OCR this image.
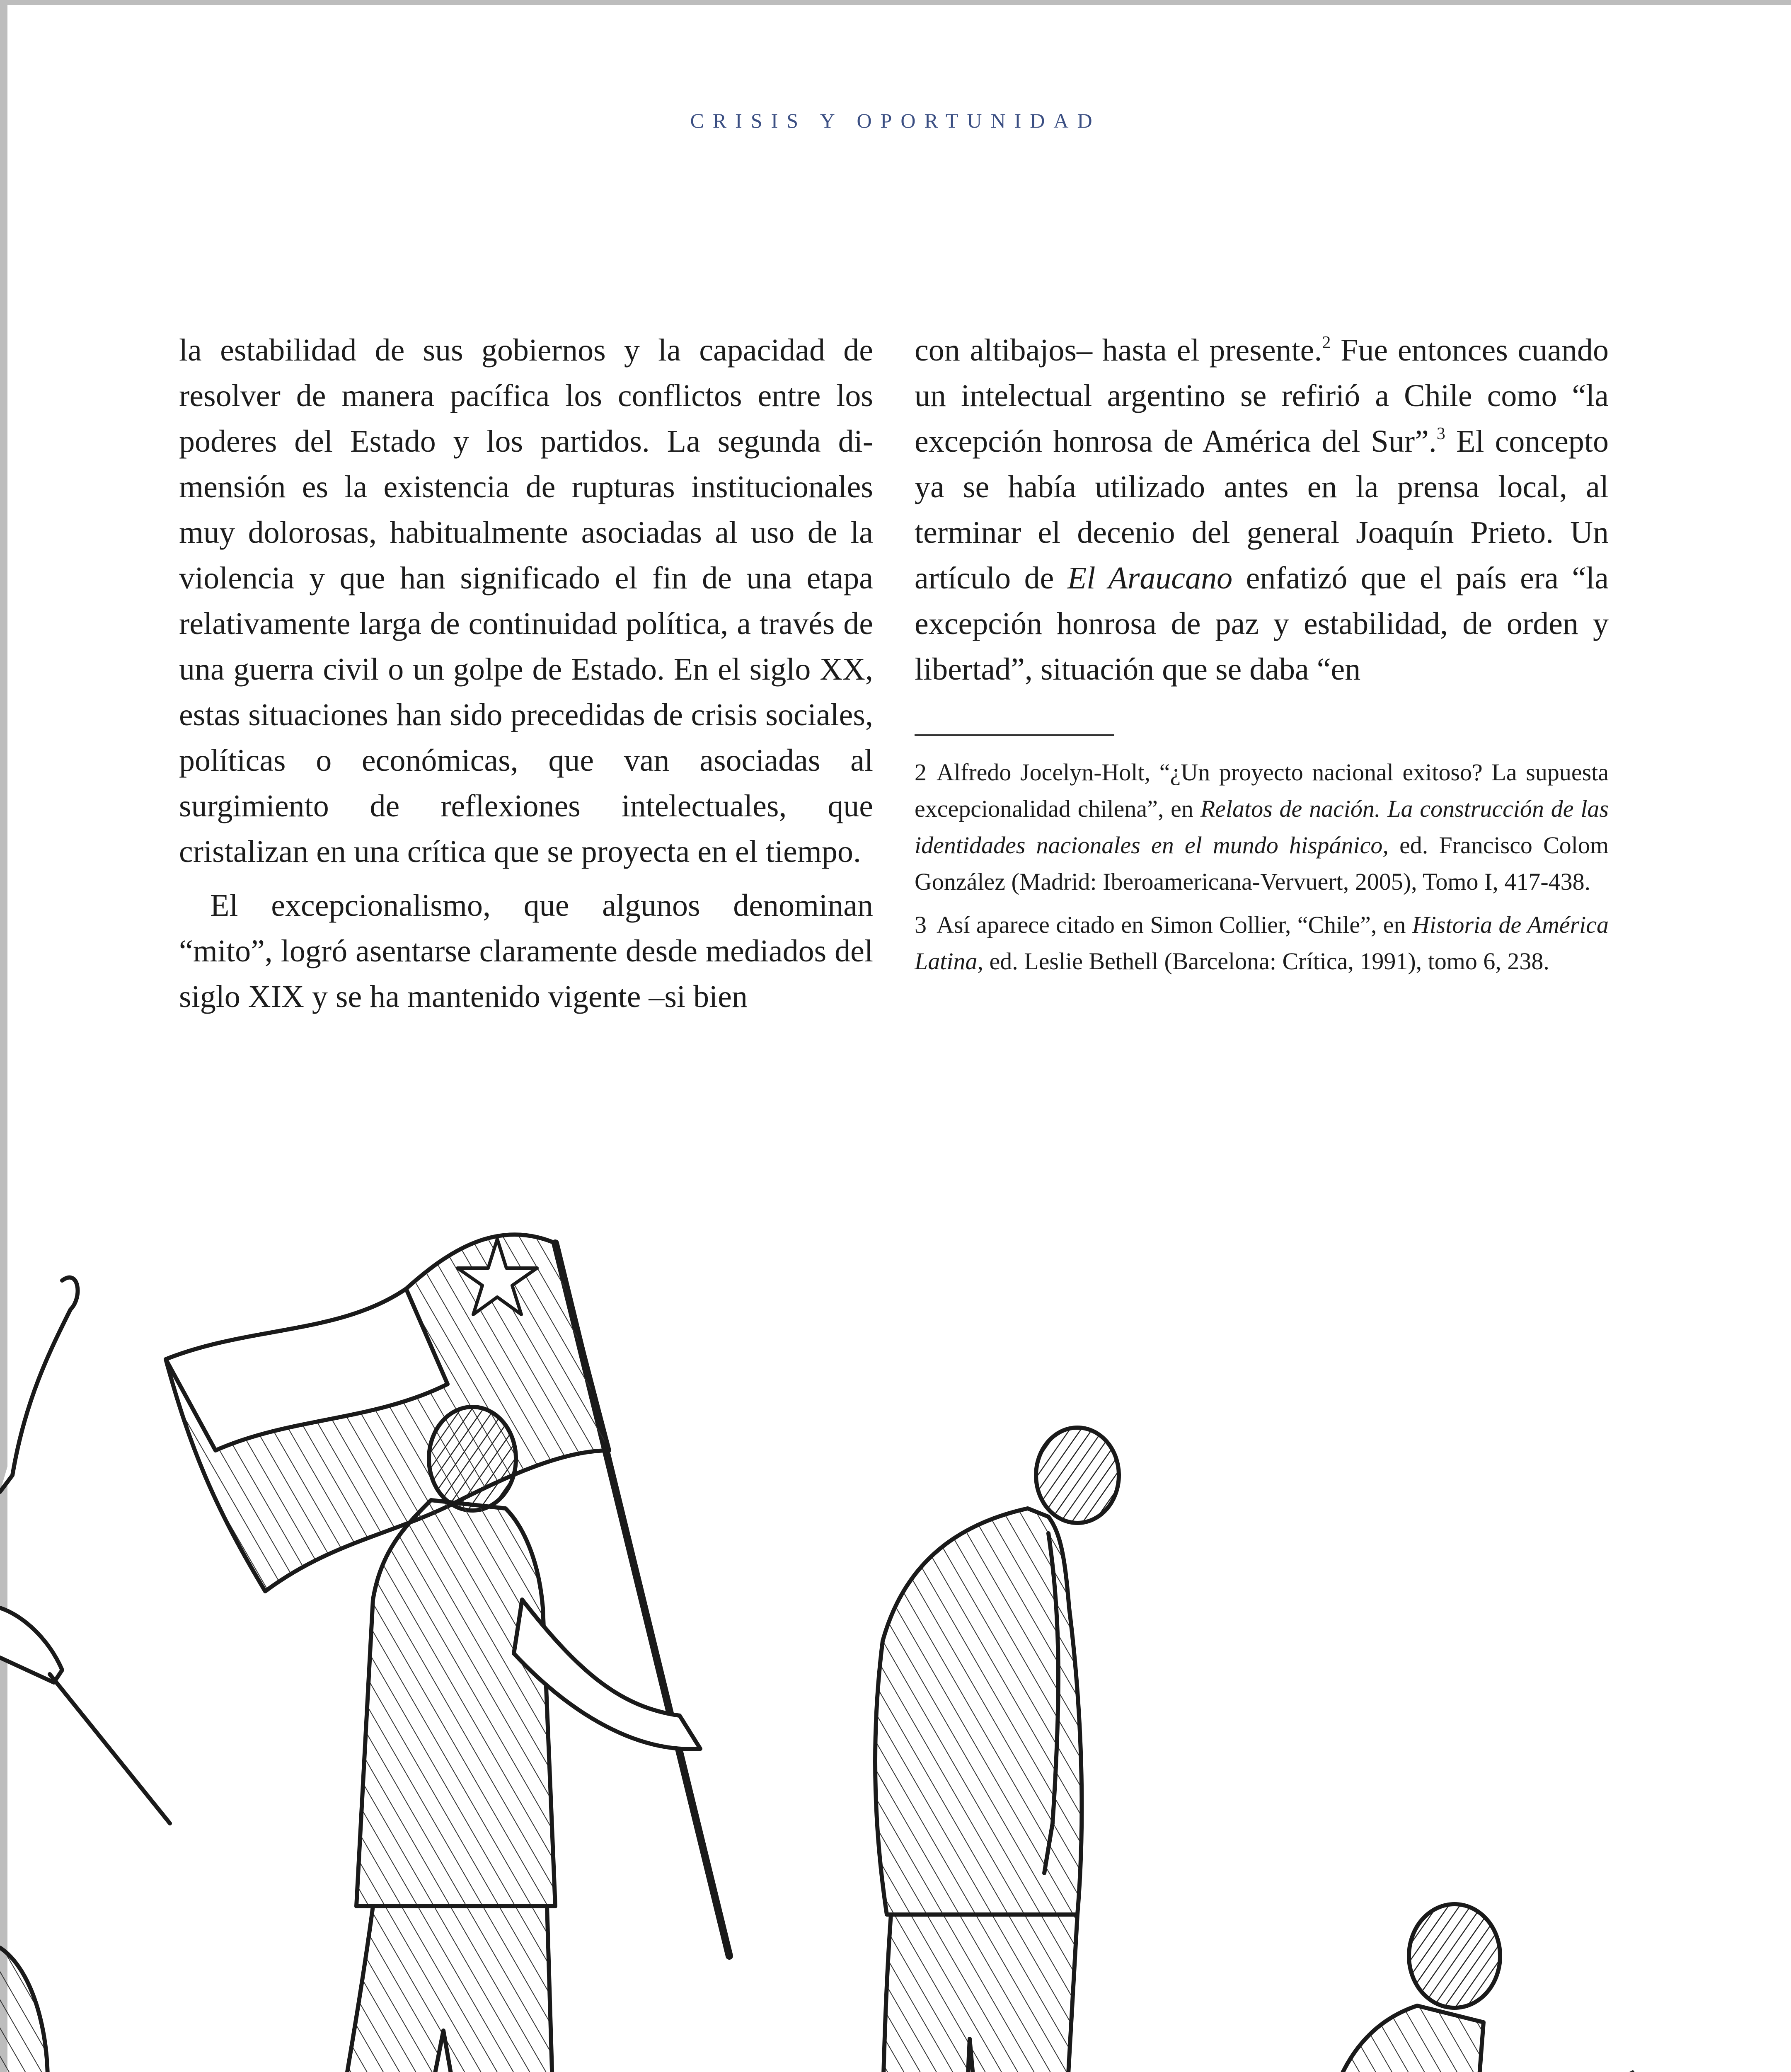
CRISIS Y OPORTUNIDAD

la estabilidad de sus gobiernos y la capacidad de resolver de manera pacífica los conflictos entre los poderes del Estado y los partidos. La segunda dimensión es la existencia de rupturas institucionales muy dolorosas, habitualmente asociadas al uso de la violencia y que han significado el fin de una etapa relativamente larga de continuidad política, a través de una guerra civil o un golpe de Estado. En el siglo XX, estas situaciones han sido precedidas de crisis sociales, políticas o económicas, que van asociadas al surgimiento de reflexiones intelectuales, que cristalizan en una crítica que se proyecta en el tiempo.

El excepcionalismo, que algunos denominan “mito”, logró asentarse claramente desde mediados del siglo XIX y se ha mantenido vigente –si bien

con altibajos– hasta el presente.$^2$ Fue entonces cuando un intelectual argentino se refirió a Chile como “la excepción honrosa de América del Sur”.$^3$ El concepto ya se había utilizado antes en la prensa local, al terminar el decenio del general Joaquín Prieto. Un artículo de El Araucano enfatizó que el país era “la excepción honrosa de paz y estabilidad, de orden y libertad”, situación que se daba “en

2 Alfredo Jocelyn-Holt, “¿Un proyecto nacional exitoso? La supuesta excepcionalidad chilena”, en Relatos de nación. La construcción de las identidades nacionales en el mundo hispánico, ed. Francisco Colom González (Madrid: Iberoamericana-Vervuert, 2005), Tomo I, 417-438.

3 Así aparece citado en Simon Collier, “Chile”, en Historia de América Latina, ed. Leslie Bethell (Barcelona: Crítica, 1991), tomo 6, 238.
